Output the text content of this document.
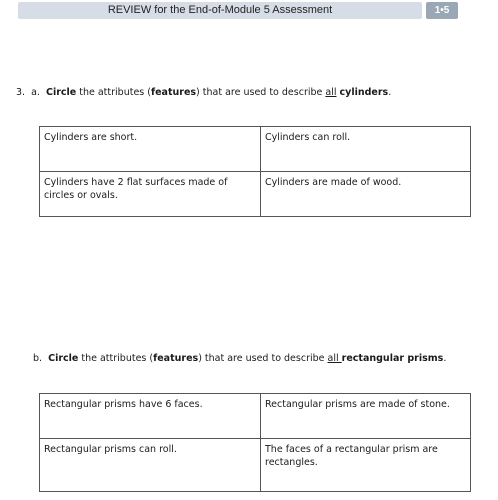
REVIEW for the End-of-Module 5 Assessment	1•5
3. a. Circle the attributes (features) that are used to describe all cylinders.
Cylinders are short.	Cylinders can roll.
Cylinders have 2 flat surfaces made of circles or ovals.	Cylinders are made of wood.
b. Circle the attributes (features) that are used to describe all rectangular prisms.
Rectangular prisms have 6 faces.	Rectangular prisms are made of stone.
Rectangular prisms can roll.	The faces of a rectangular prism are rectangles.
